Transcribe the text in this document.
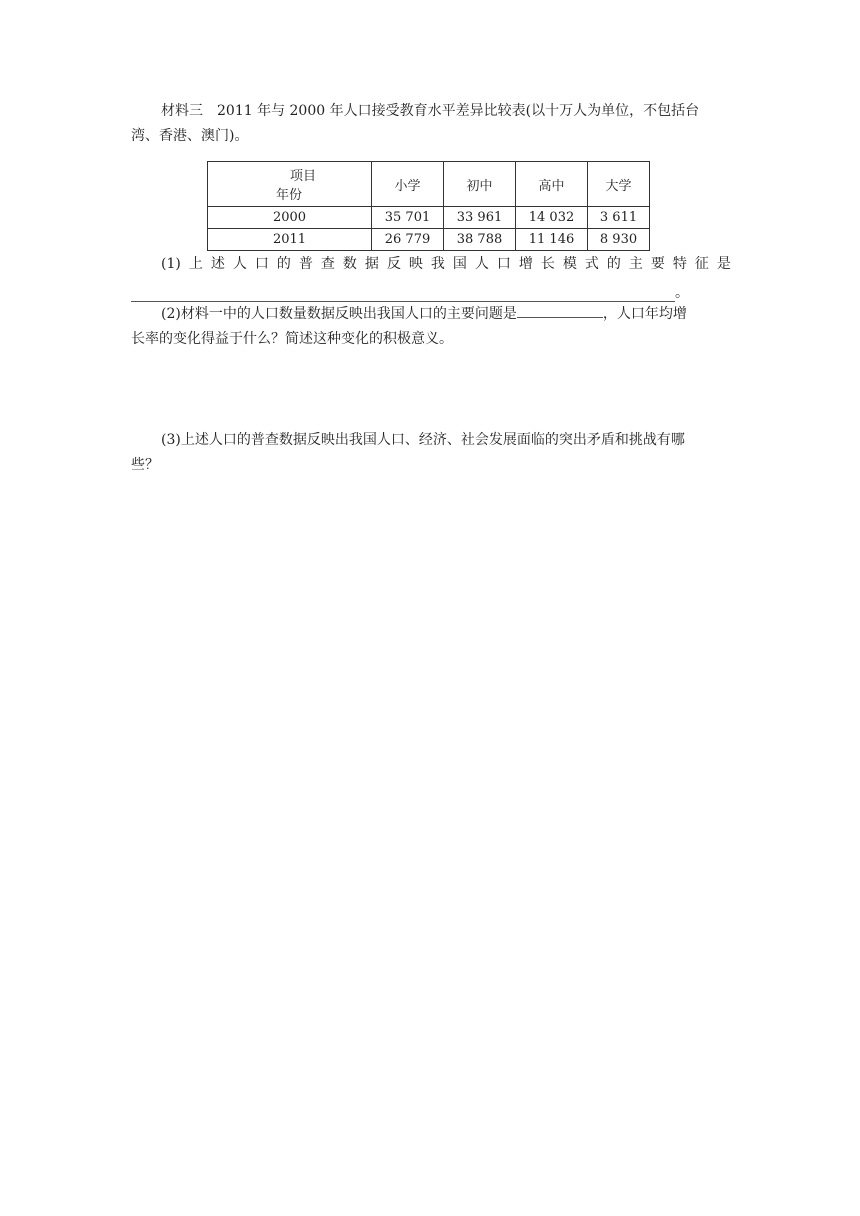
材料三 2011 年与 2000 年人口接受教育水平差异比较表(以十万人为单位，不包括台
湾、香港、澳门)。

项目
年份	小学	初中	高中	大学
2000	35 701	33 961	14 032	3 611
2011	26 779	38 788	11 146	8 930
(1) 上 述 人 口 的 普 查 数 据 反 映 我 国 人 口 增 长 模 式 的 主 要 特 征 是
。

(2)材料一中的人口数量数据反映出我国人口的主要问题是	，人口年均增
长率的变化得益于什么？简述这种变化的积极意义。

(3)上述人口的普查数据反映出我国人口、经济、社会发展面临的突出矛盾和挑战有哪
些？
